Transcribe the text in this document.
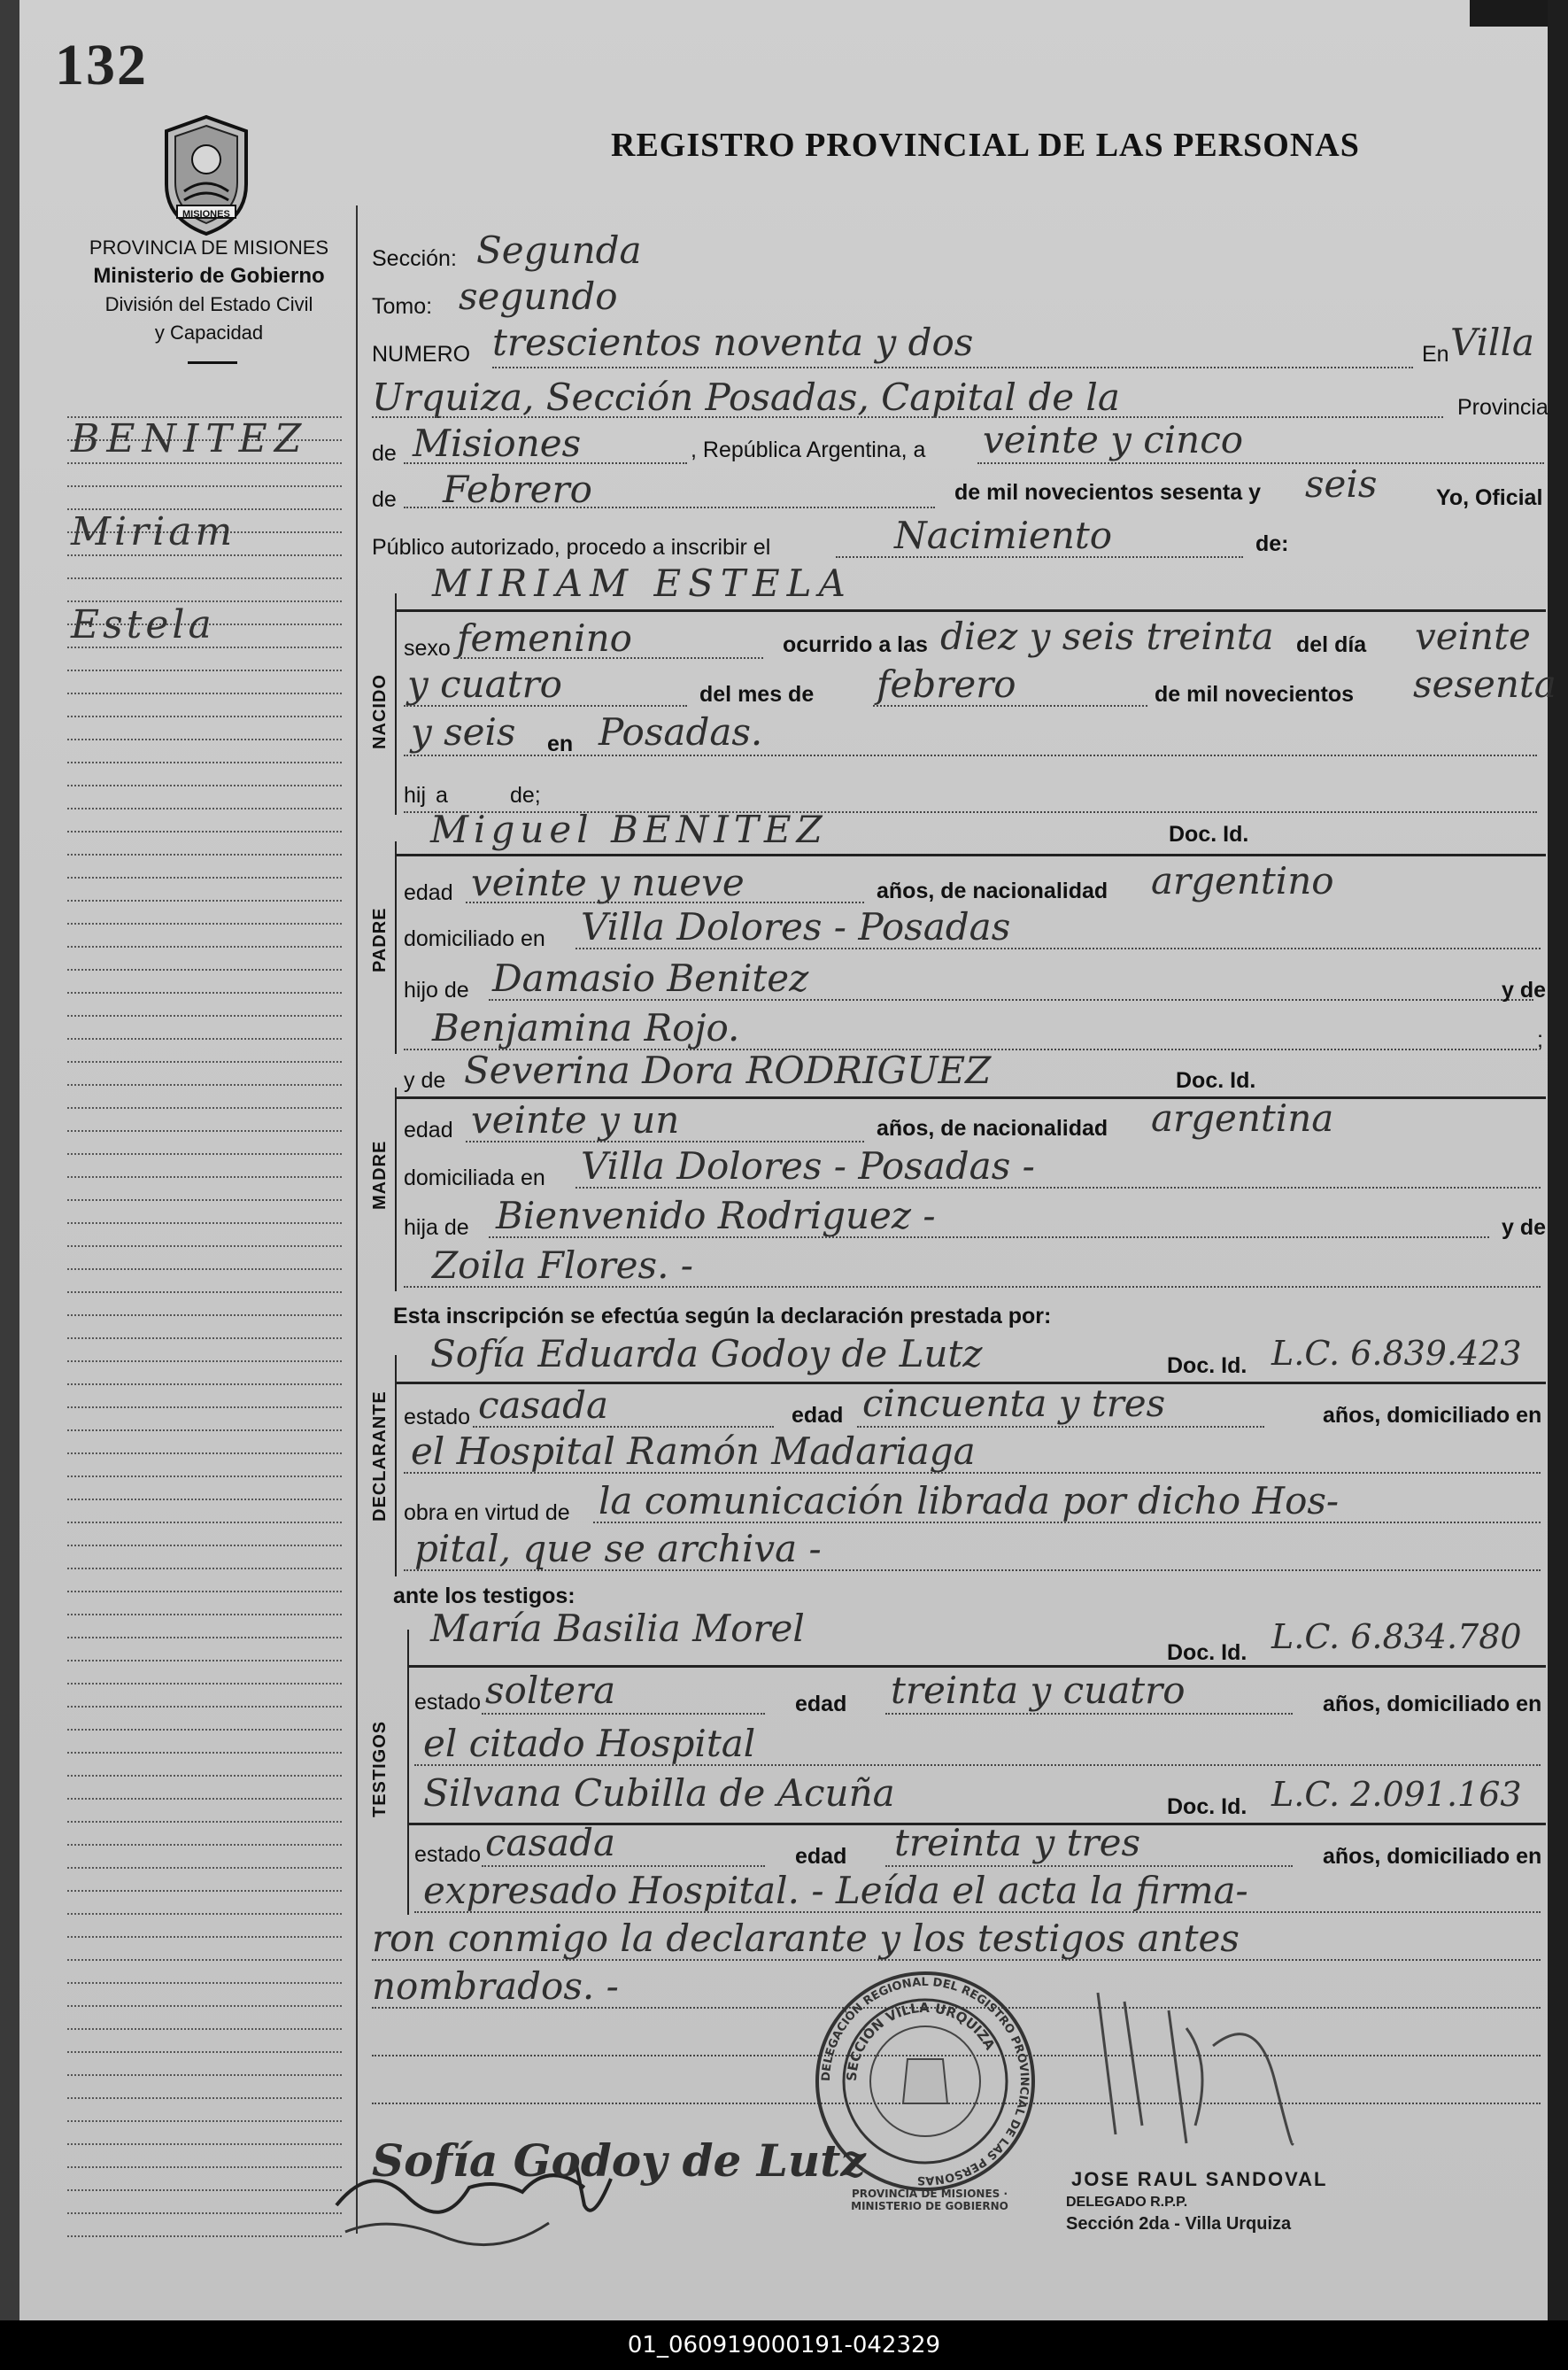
132
MISIONES
REGISTRO PROVINCIAL DE LAS PERSONAS
PROVINCIA DE MISIONES
Ministerio de Gobierno
División del Estado Civil
y Capacidad
BENITEZ
Miriam
Estela
Sección: Segunda
Tomo: segundo
NUMERO trescientos noventa y dos	En Villa
Urquiza, Sección Posadas, Capital de la	Provincia
de Misiones	, República Argentina, a veinte y cinco
de Febrero	de mil novecientos sesenta y seis	Yo, Oficial
Público autorizado, procedo a inscribir el	Nacimiento	de:
MIRIAM ESTELA
NACIDO
sexo femenino	ocurrido a las diez y seis treinta del día veinte
y cuatro	del mes de febrero	de mil novecientos sesenta
y seis en Posadas.
hij a	de;
Miguel BENITEZ	Doc. Id.
PADRE
edad veinte y nueve	años, de nacionalidad argentino
domiciliado en Villa Dolores - Posadas
hijo de Damasio Benitez	y de
Benjamina Rojo.	;
y de Severina Dora RODRIGUEZ	Doc. Id.
MADRE
edad veinte y un	años, de nacionalidad argentina
domiciliada en Villa Dolores - Posadas -
hija de Bienvenido Rodriguez -	y de
Zoila Flores. -
Esta inscripción se efectúa según la declaración prestada por:
Sofía Eduarda Godoy de Lutz	Doc. Id. L.C. 6.839.423
DECLARANTE estado casada	edad cincuenta y tres	años, domiciliado en
el Hospital Ramón Madariaga
obra en virtud de la comunicación librada por dicho Hos-
pital, que se archiva -
ante los testigos:
María Basilia Morel
Doc. Id. L.C. 6.834.780
TESTIGOS
estado soltera	edad treinta y cuatro	años, domiciliado en
el citado Hospital
Silvana Cubilla de Acuña	Doc. Id. L.C. 2.091.163
estado casada	edad treinta y tres	años, domiciliado en
expresado Hospital. - Leída el acta la firma-
ron conmigo la declarante y los testigos antes
nombrados. -
DELEGACIÓN REGIONAL DEL REGISTRO PROVINCIAL DE LAS PERSONAS
SECCIÓN VILLA URQUIZA
PROVINCIA DE MISIONES · MINISTERIO DE GOBIERNO
Sofía Godoy de Lutz	JOSE RAUL SANDOVAL
DELEGADO R.P.P.
Sección 2da - Villa Urquiza
01_060919000191-042329
